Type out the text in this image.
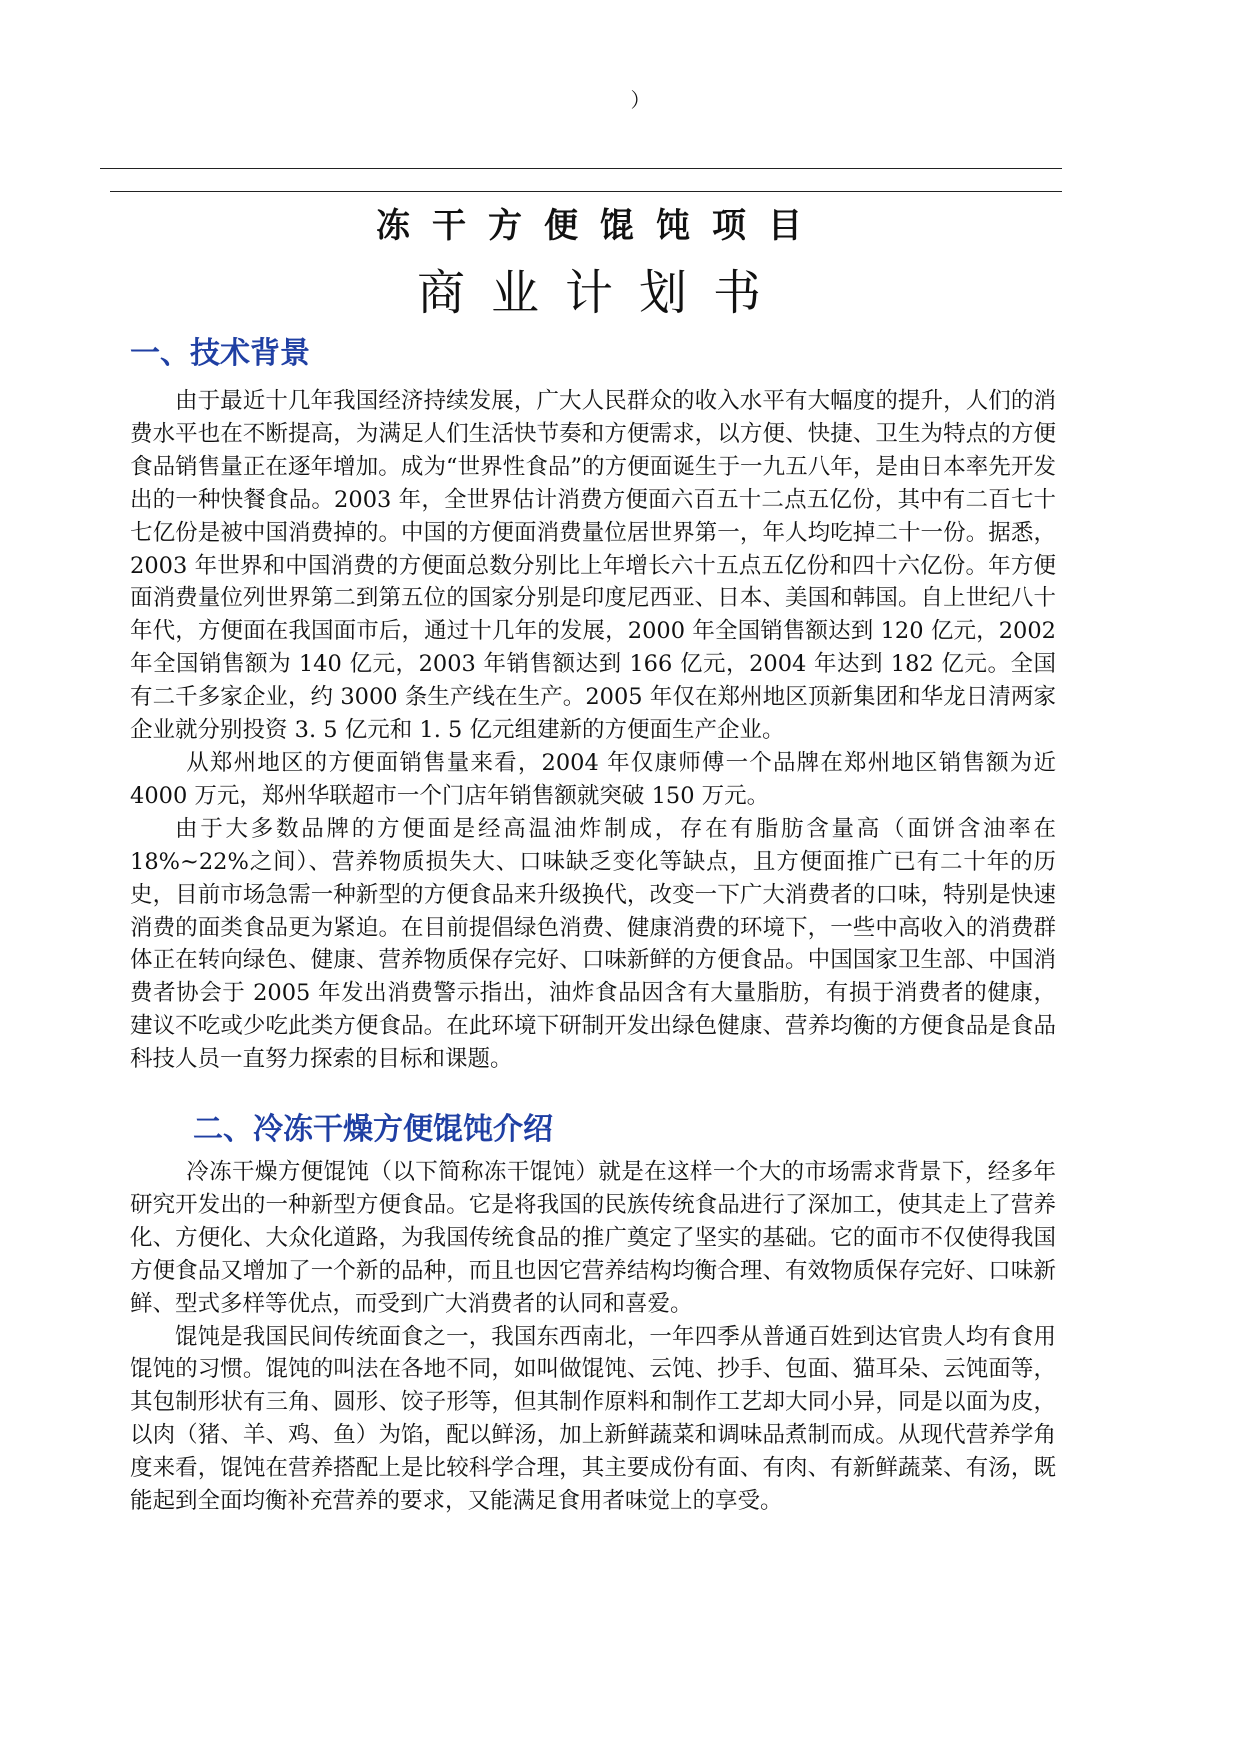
）
冻干方便馄饨项目
商业计划书
一、技术背景

由于最近十几年我国经济持续发展，广大人民群众的收入水平有大幅度的提升，人们的消费水平也在不断提高，为满足人们生活快节奏和方便需求，以方便、快捷、卫生为特点的方便食品销售量正在逐年增加。成为“世界性食品”的方便面诞生于一九五八年，是由日本率先开发出的一种快餐食品。2003 年，全世界估计消费方便面六百五十二点五亿份，其中有二百七十七亿份是被中国消费掉的。中国的方便面消费量位居世界第一，年人均吃掉二十一份。据悉，2003 年世界和中国消费的方便面总数分别比上年增长六十五点五亿份和四十六亿份。年方便面消费量位列世界第二到第五位的国家分别是印度尼西亚、日本、美国和韩国。自上世纪八十年代，方便面在我国面市后，通过十几年的发展，2000 年全国销售额达到 120 亿元，2002 年全国销售额为 140 亿元，2003 年销售额达到 166 亿元，2004 年达到 182 亿元。全国有二千多家企业，约 3000 条生产线在生产。2005 年仅在郑州地区顶新集团和华龙日清两家企业就分别投资 3. 5 亿元和 1. 5 亿元组建新的方便面生产企业。

从郑州地区的方便面销售量来看，2004 年仅康师傅一个品牌在郑州地区销售额为近 4000 万元，郑州华联超市一个门店年销售额就突破 150 万元。

由于大多数品牌的方便面是经高温油炸制成，存在有脂肪含量高（面饼含油率在 18%~22%之间）、营养物质损失大、口味缺乏变化等缺点，且方便面推广已有二十年的历史，目前市场急需一种新型的方便食品来升级换代，改变一下广大消费者的口味，特别是快速消费的面类食品更为紧迫。在目前提倡绿色消费、健康消费的环境下，一些中高收入的消费群体正在转向绿色、健康、营养物质保存完好、口味新鲜的方便食品。中国国家卫生部、中国消费者协会于 2005 年发出消费警示指出，油炸食品因含有大量脂肪，有损于消费者的健康，建议不吃或少吃此类方便食品。在此环境下研制开发出绿色健康、营养均衡的方便食品是食品科技人员一直努力探索的目标和课题。

二、冷冻干燥方便馄饨介绍

冷冻干燥方便馄饨（以下简称冻干馄饨）就是在这样一个大的市场需求背景下，经多年研究开发出的一种新型方便食品。它是将我国的民族传统食品进行了深加工，使其走上了营养化、方便化、大众化道路，为我国传统食品的推广奠定了坚实的基础。它的面市不仅使得我国方便食品又增加了一个新的品种，而且也因它营养结构均衡合理、有效物质保存完好、口味新鲜、型式多样等优点，而受到广大消费者的认同和喜爱。

馄饨是我国民间传统面食之一，我国东西南北，一年四季从普通百姓到达官贵人均有食用馄饨的习惯。馄饨的叫法在各地不同，如叫做馄饨、云饨、抄手、包面、猫耳朵、云饨面等，其包制形状有三角、圆形、饺子形等，但其制作原料和制作工艺却大同小异，同是以面为皮，以肉（猪、羊、鸡、鱼）为馅，配以鲜汤，加上新鲜蔬菜和调味品煮制而成。从现代营养学角度来看，馄饨在营养搭配上是比较科学合理，其主要成份有面、有肉、有新鲜蔬菜、有汤，既能起到全面均衡补充营养的要求，又能满足食用者味觉上的享受。
